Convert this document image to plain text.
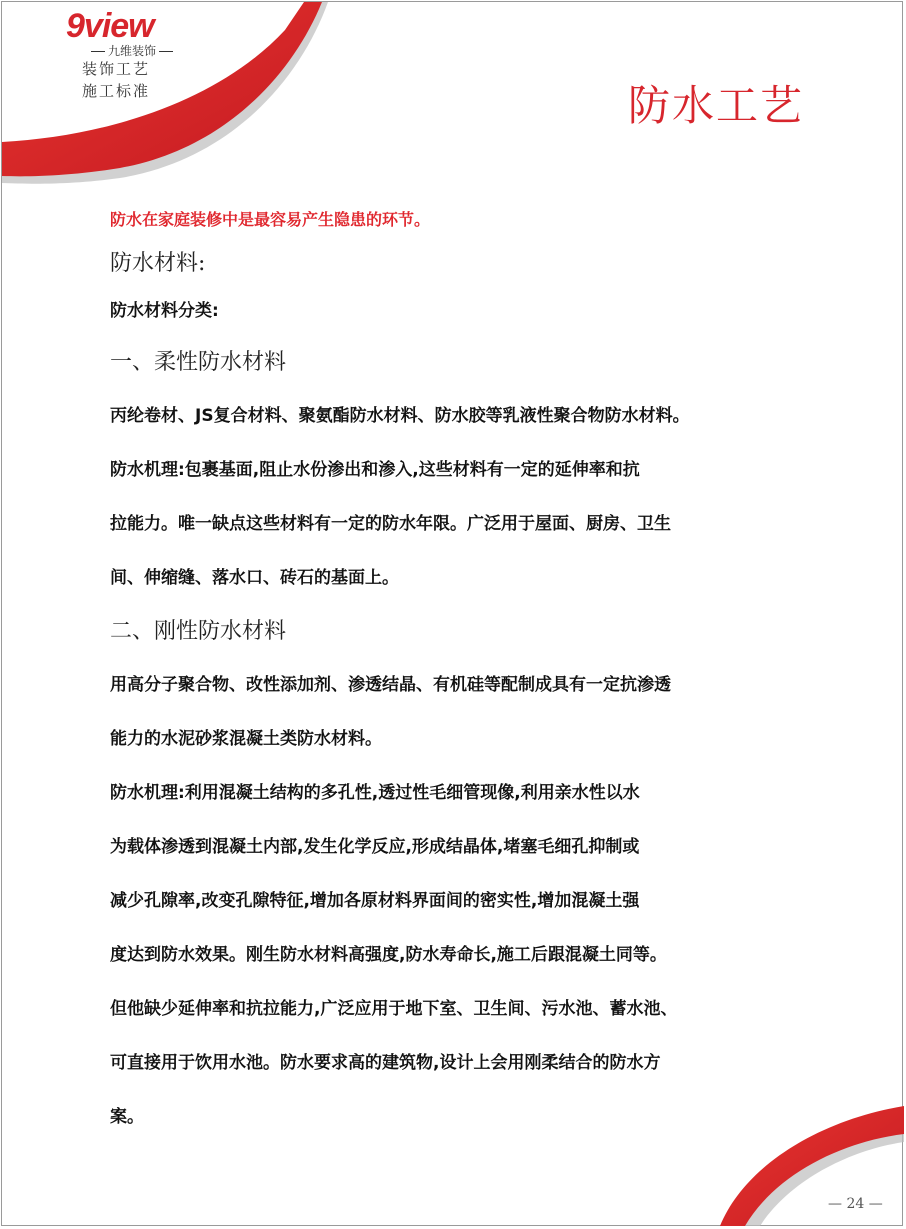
9view
九维装饰
装饰工艺
施工标准	防水工艺
防水在家庭装修中是最容易产生隐患的环节。
防水材料:
防水材料分类:
一、柔性防水材料
丙纶卷材、JS复合材料、聚氨酯防水材料、防水胶等乳液性聚合物防水材料。
防水机理:包裹基面,阻止水份渗出和渗入,这些材料有一定的延伸率和抗
拉能力。唯一缺点这些材料有一定的防水年限。广泛用于屋面、厨房、卫生
间、伸缩缝、落水口、砖石的基面上。
二、刚性防水材料
用高分子聚合物、改性添加剂、渗透结晶、有机硅等配制成具有一定抗渗透
能力的水泥砂浆混凝土类防水材料。
防水机理:利用混凝土结构的多孔性,透过性毛细管现像,利用亲水性以水
为载体渗透到混凝土内部,发生化学反应,形成结晶体,堵塞毛细孔抑制或
减少孔隙率,改变孔隙特征,增加各原材料界面间的密实性,增加混凝土强
度达到防水效果。刚生防水材料高强度,防水寿命长,施工后跟混凝土同等。
但他缺少延伸率和抗拉能力,广泛应用于地下室、卫生间、污水池、蓄水池、
可直接用于饮用水池。防水要求高的建筑物,设计上会用刚柔结合的防水方
案。
— 24 —
